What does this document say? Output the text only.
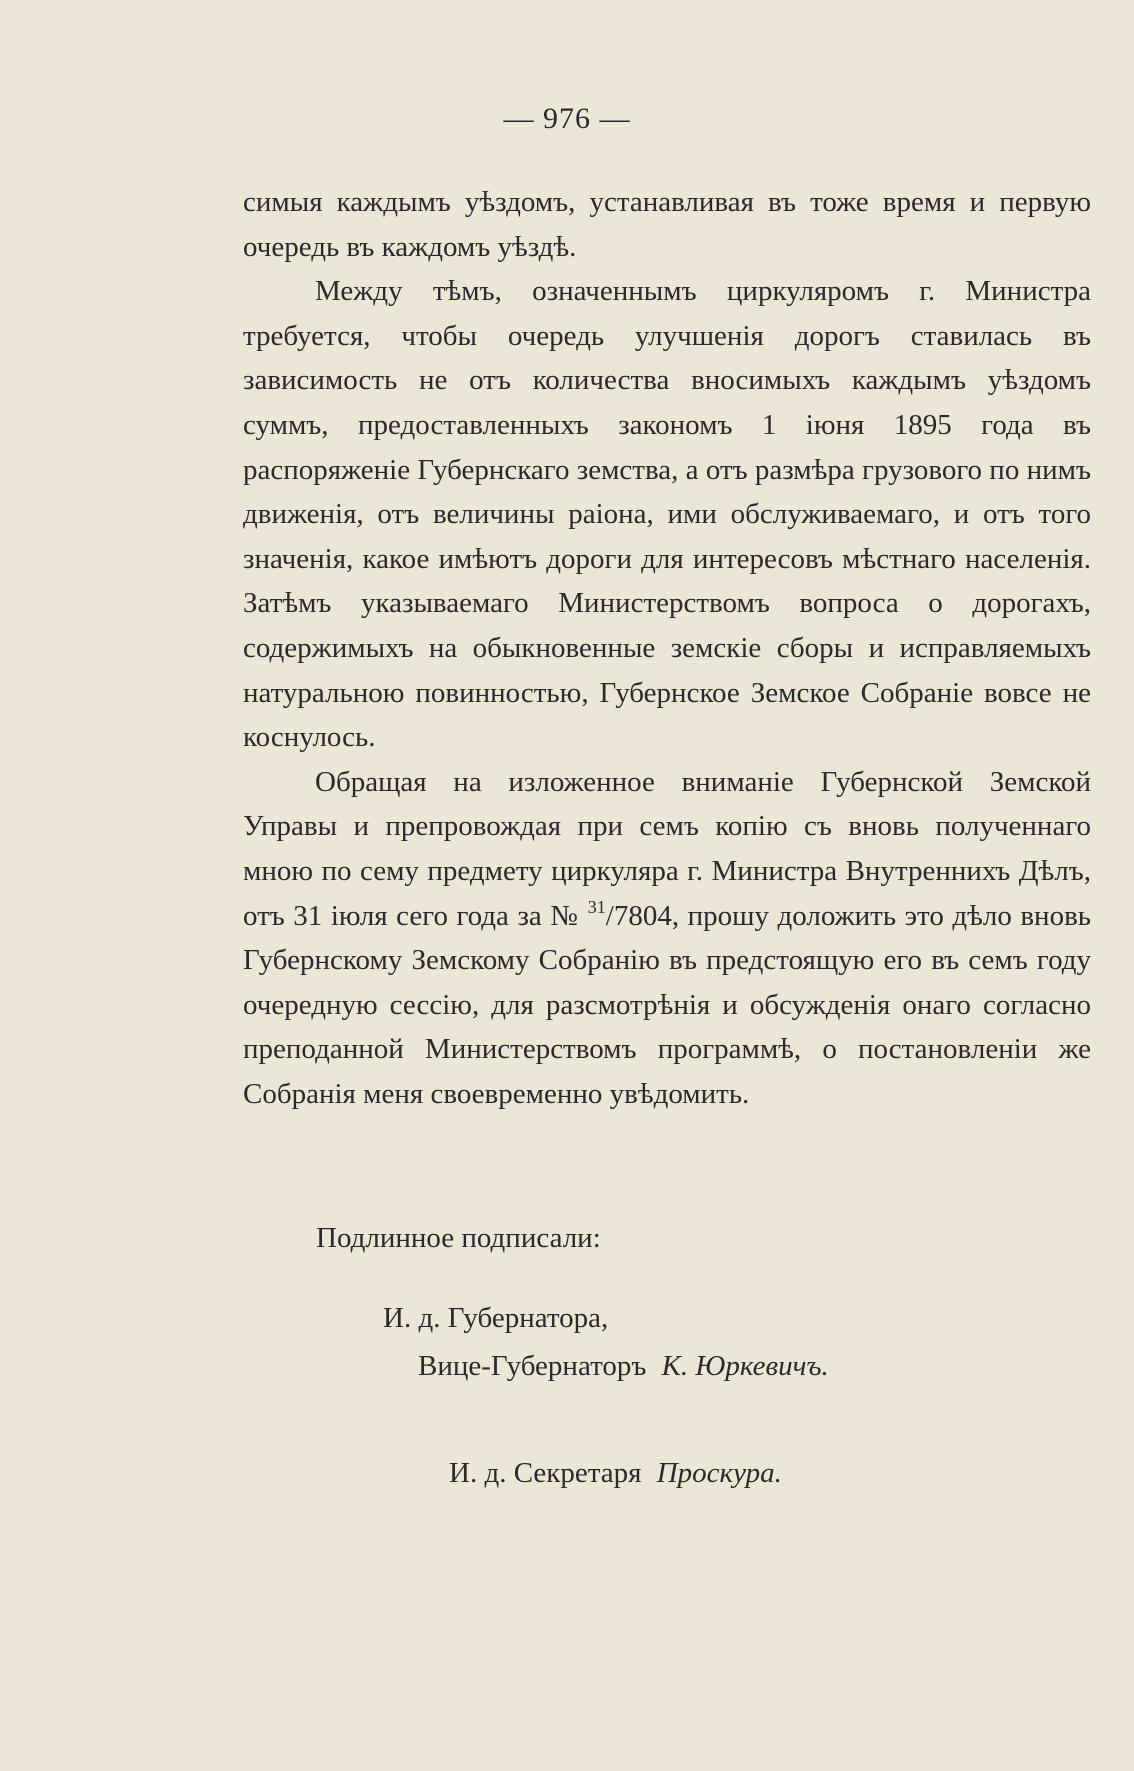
— 976 —

симыя каждымъ уѣздомъ, устанавливая въ тоже время и первую очередь въ каждомъ уѣздѣ.

Между тѣмъ, означеннымъ циркуляромъ г. Министра требуется, чтобы очередь улучшенія дорогъ ставилась въ зависимость не отъ количества вносимыхъ каждымъ уѣздомъ суммъ, предоставленныхъ закономъ 1 іюня 1895 года въ распоряженіе Губернскаго земства, а отъ размѣра грузового по нимъ движенія, отъ величины раіона, ими обслуживаемаго, и отъ того значенія, какое имѣютъ дороги для интересовъ мѣстнаго населенія. Затѣмъ указываемаго Министерствомъ вопроса о дорогахъ, содержимыхъ на обыкновенные земскіе сборы и исправляемыхъ натуральною повинностью, Губернское Земское Собраніе вовсе не коснулось.

Обращая на изложенное вниманіе Губернской Земской Управы и препровождая при семъ копію съ вновь полученнаго мною по сему предмету циркуляра г. Министра Внутреннихъ Дѣлъ, отъ 31 іюля сего года за № $^{31}$/7804, прошу доложить это дѣло вновь Губернскому Земскому Собранію въ предстоящую его въ семъ году очередную сессію, для разсмотрѣнія и обсужденія онаго согласно преподанной Министерствомъ программѣ, о постановленіи же Собранія меня своевременно увѣдомить.

Подлинное подписали:
И. д. Губернатора,
Вице-Губернаторъ К. Юркевичъ.
И. д. Секретаря Проскура.
